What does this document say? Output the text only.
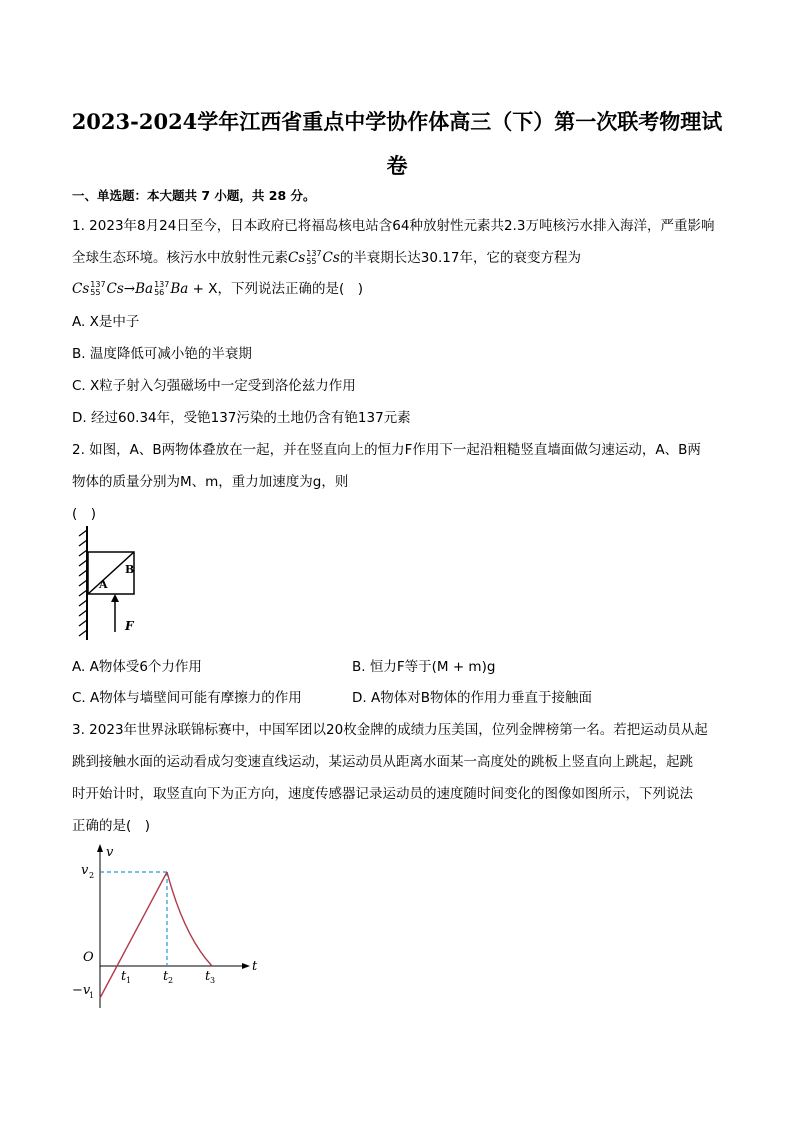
2023-2024学年江西省重点中学协作体高三（下）第一次联考物理试
卷
一、单选题：本大题共 7 小题，共 28 分。
1. 2023年8月24日至今，日本政府已将福岛核电站含64种放射性元素共2.3万吨核污水排入海洋，严重影响
全球生态环境。核污水中放射性元素Cs 137
55 Cs的半衰期长达30.17年，它的衰变方程为
Cs 137
55 Cs→Ba 137
56 Ba + X，下列说法正确的是(　)
A. X是中子
B. 温度降低可减小铯的半衰期
C. X粒子射入匀强磁场中一定受到洛伦兹力作用
D. 经过60.34年，受铯137污染的土地仍含有铯137元素
2. 如图，A、B两物体叠放在一起，并在竖直向上的恒力F作用下一起沿粗糙竖直墙面做匀速运动，A、B两
物体的质量分别为M、m，重力加速度为g，则
(　)
A
B
F
A. A物体受6个力作用	B. 恒力F等于(M + m)g
C. A物体与墙壁间可能有摩擦力的作用	D. A物体对B物体的作用力垂直于接触面
3. 2023年世界泳联锦标赛中，中国军团以20枚金牌的成绩力压美国，位列金牌榜第一名。若把运动员从起
跳到接触水面的运动看成匀变速直线运动，某运动员从距离水面某一高度处的跳板上竖直向上跳起，起跳
时开始计时，取竖直向下为正方向，速度传感器记录运动员的速度随时间变化的图像如图所示，下列说法
正确的是(　)
v
t
O
v 2
−v
1
t 1 t 2 t 3
